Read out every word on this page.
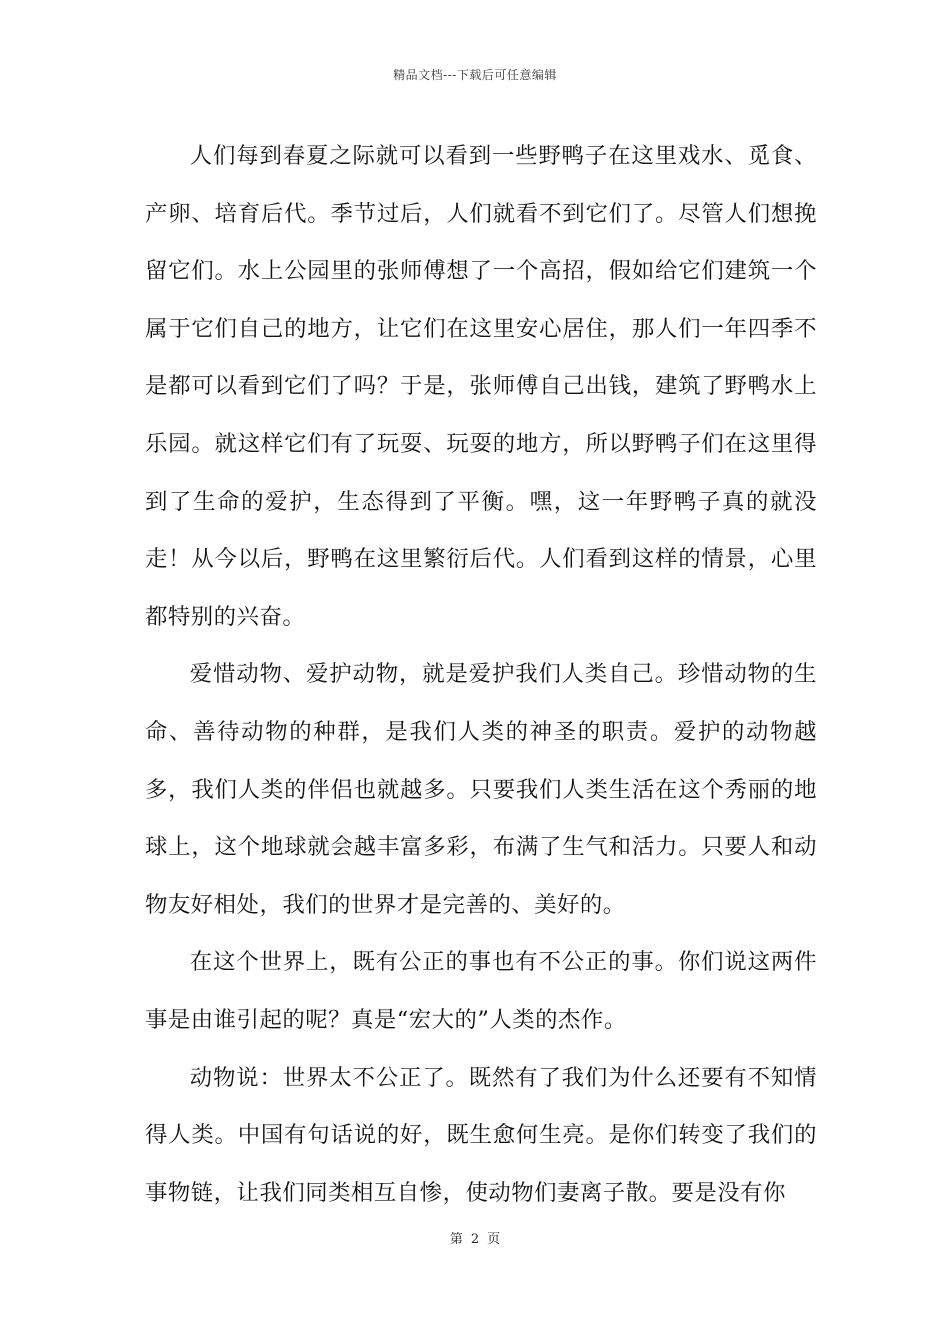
精品文档---下载后可任意编辑

人们每到春夏之际就可以看到一些野鸭子在这里戏水、觅食、产卵、培育后代。季节过后，人们就看不到它们了。尽管人们想挽留它们。水上公园里的张师傅想了一个高招，假如给它们建筑一个属于它们自己的地方，让它们在这里安心居住，那人们一年四季不是都可以看到它们了吗？于是，张师傅自己出钱，建筑了野鸭水上乐园。就这样它们有了玩耍、玩耍的地方，所以野鸭子们在这里得到了生命的爱护，生态得到了平衡。嘿，这一年野鸭子真的就没走！从今以后，野鸭在这里繁衍后代。人们看到这样的情景，心里都特别的兴奋。

爱惜动物、爱护动物，就是爱护我们人类自己。珍惜动物的生命、善待动物的种群，是我们人类的神圣的职责。爱护的动物越多，我们人类的伴侣也就越多。只要我们人类生活在这个秀丽的地球上，这个地球就会越丰富多彩，布满了生气和活力。只要人和动物友好相处，我们的世界才是完善的、美好的。

在这个世界上，既有公正的事也有不公正的事。你们说这两件事是由谁引起的呢？真是“宏大的”人类的杰作。

动物说：世界太不公正了。既然有了我们为什么还要有不知情得人类。中国有句话说的好，既生愈何生亮。是你们转变了我们的事物链，让我们同类相互自惨，使动物们妻离子散。要是没有你

第 2 页
